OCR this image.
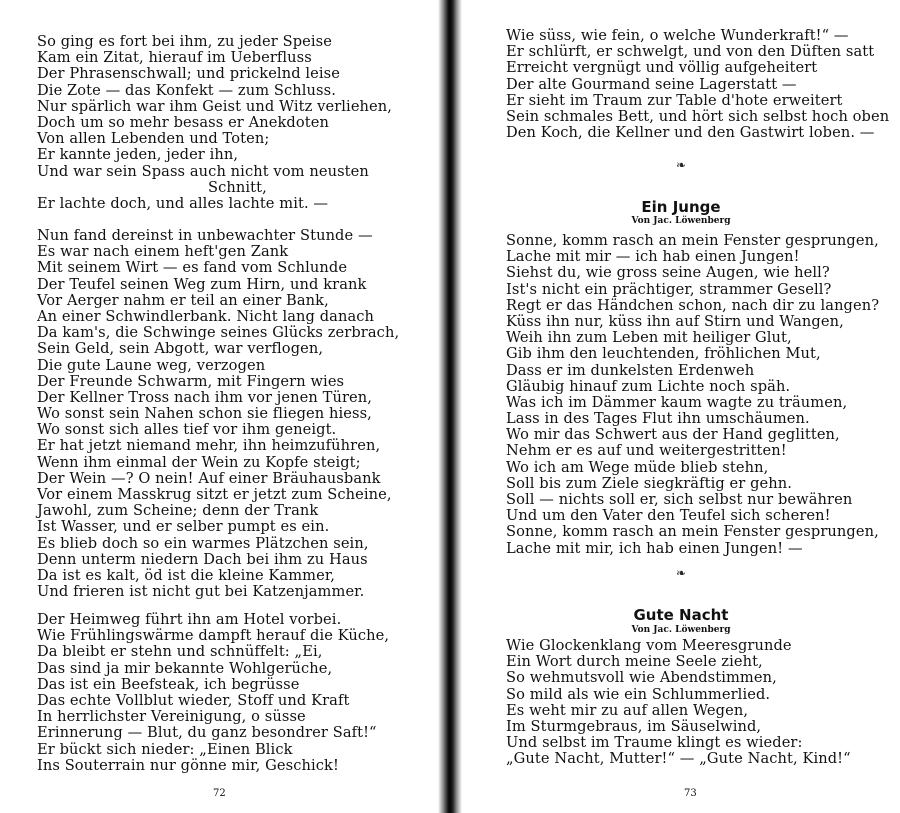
So ging es fort bei ihm, zu jeder Speise
Kam ein Zitat, hierauf im Ueberfluss
Der Phrasenschwall; und prickelnd leise
Die Zote — das Konfekt — zum Schluss.
Nur spärlich war ihm Geist und Witz verliehen,
Doch um so mehr besass er Anekdoten
Von allen Lebenden und Toten;
Er kannte jeden, jeder ihn,
Und war sein Spass auch nicht vom neusten
Schnitt,
Er lachte doch, und alles lachte mit. —
Nun fand dereinst in unbewachter Stunde —
Es war nach einem heft'gen Zank
Mit seinem Wirt — es fand vom Schlunde
Der Teufel seinen Weg zum Hirn, und krank
Vor Aerger nahm er teil an einer Bank,
An einer Schwindlerbank. Nicht lang danach
Da kam's, die Schwinge seines Glücks zerbrach,
Sein Geld, sein Abgott, war verflogen,
Die gute Laune weg, verzogen
Der Freunde Schwarm, mit Fingern wies
Der Kellner Tross nach ihm vor jenen Türen,
Wo sonst sein Nahen schon sie fliegen hiess,
Wo sonst sich alles tief vor ihm geneigt.
Er hat jetzt niemand mehr, ihn heimzuführen,
Wenn ihm einmal der Wein zu Kopfe steigt;
Der Wein —? O nein! Auf einer Bräuhausbank
Vor einem Masskrug sitzt er jetzt zum Scheine,
Jawohl, zum Scheine; denn der Trank
Ist Wasser, und er selber pumpt es ein.
Es blieb doch so ein warmes Plätzchen sein,
Denn unterm niedern Dach bei ihm zu Haus
Da ist es kalt, öd ist die kleine Kammer,
Und frieren ist nicht gut bei Katzenjammer.
Der Heimweg führt ihn am Hotel vorbei.
Wie Frühlingswärme dampft herauf die Küche,
Da bleibt er stehn und schnüffelt: „Ei,
Das sind ja mir bekannte Wohlgerüche,
Das ist ein Beefsteak, ich begrüsse
Das echte Vollblut wieder, Stoff und Kraft
In herrlichster Vereinigung, o süsse
Erinnerung — Blut, du ganz besondrer Saft!“
Er bückt sich nieder: „Einen Blick
Ins Souterrain nur gönne mir, Geschick!
72
Wie süss, wie fein, o welche Wunderkraft!“ —
Er schlürft, er schwelgt, und von den Düften satt
Erreicht vergnügt und völlig aufgeheitert
Der alte Gourmand seine Lagerstatt —
Er sieht im Traum zur Table d'hote erweitert
Sein schmales Bett, und hört sich selbst hoch oben
Den Koch, die Kellner und den Gastwirt loben. —
❧
Ein Junge
Von Jac. Löwenberg
Sonne, komm rasch an mein Fenster gesprungen,
Lache mit mir — ich hab einen Jungen!
Siehst du, wie gross seine Augen, wie hell?
Ist's nicht ein prächtiger, strammer Gesell?
Regt er das Händchen schon, nach dir zu langen?
Küss ihn nur, küss ihn auf Stirn und Wangen,
Weih ihn zum Leben mit heiliger Glut,
Gib ihm den leuchtenden, fröhlichen Mut,
Dass er im dunkelsten Erdenweh
Gläubig hinauf zum Lichte noch späh.
Was ich im Dämmer kaum wagte zu träumen,
Lass in des Tages Flut ihn umschäumen.
Wo mir das Schwert aus der Hand geglitten,
Nehm er es auf und weitergestritten!
Wo ich am Wege müde blieb stehn,
Soll bis zum Ziele siegkräftig er gehn.
Soll — nichts soll er, sich selbst nur bewähren
Und um den Vater den Teufel sich scheren!
Sonne, komm rasch an mein Fenster gesprungen,
Lache mit mir, ich hab einen Jungen! —
❧
Gute Nacht
Von Jac. Löwenberg
Wie Glockenklang vom Meeresgrunde
Ein Wort durch meine Seele zieht,
So wehmutsvoll wie Abendstimmen,
So mild als wie ein Schlummerlied.
Es weht mir zu auf allen Wegen,
Im Sturmgebraus, im Säuselwind,
Und selbst im Traume klingt es wieder:
„Gute Nacht, Mutter!“ — „Gute Nacht, Kind!“
73
